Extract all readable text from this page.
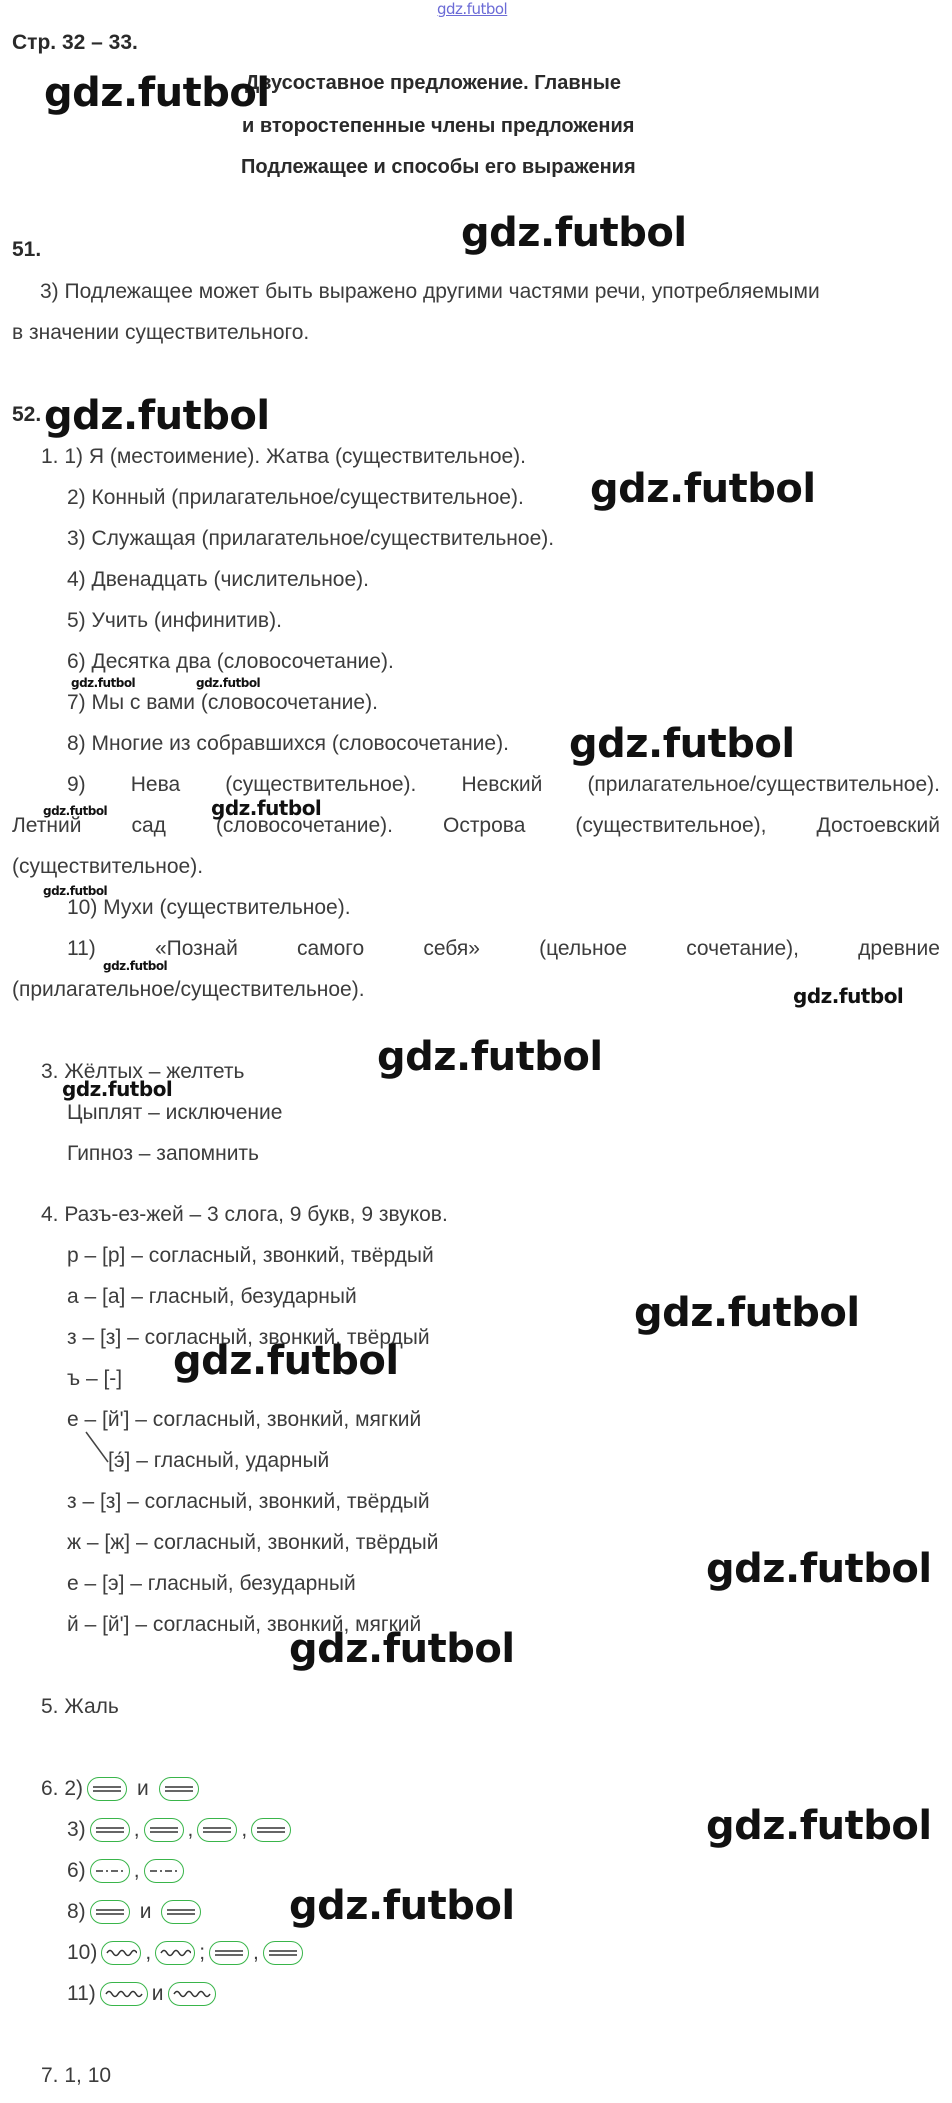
gdz.futbol
Стр. 32 – 33.
Двусоставное предложение. Главные
и второстепенные члены предложения
Подлежащее и способы его выражения
51.
3) Подлежащее может быть выражено другими частями речи, употребляемыми
в значении существительного.
52.
1. 1) Я (местоимение). Жатва (существительное).
2) Конный (прилагательное/существительное).
3) Служащая (прилагательное/существительное).
4) Двенадцать (числительное).
5) Учить (инфинитив).
6) Десятка два (словосочетание).
7) Мы с вами (словосочетание).
8) Многие из собравшихся (словосочетание).
9) Нева (существительное). Невский (прилагательное/существительное).
Летний сад (словосочетание). Острова (существительное), Достоевский
(существительное).
10) Мухи (существительное).
11)	«Познай	самого	себя»	(цельное	сочетание),	древние
(прилагательное/существительное).
3. Жёлтых – желтеть
Цыплят – исключение
Гипноз – запомнить
4. Разъ-ез-жей – 3 слога, 9 букв, 9 звуков.
р – [р] – согласный, звонкий, твёрдый
а – [а] – гласный, безударный
з – [з] – согласный, звонкий, твёрдый
ъ – [-]
е – [й'] – согласный, звонкий, мягкий
[э́] – гласный, ударный
з – [з] – согласный, звонкий, твёрдый
ж – [ж] – согласный, звонкий, твёрдый
е – [э] – гласный, безударный
й – [й'] – согласный, звонкий, мягкий
5. Жаль
6. 2)	и
3) ,
,
,
6) ,
8)	и
10) ,
;
,
11)	и
7. 1, 10
gdz.futbol
gdz.futbol
gdz.futbol
gdz.futbol
gdz.futbol
gdz.futbol
gdz.futbol
gdz.futbol
gdz.futbol
gdz.futbol
gdz.futbol
gdz.futbol
gdz.futbol
gdz.futbol
gdz.futbol
gdz.futbol	gdz.futbol
gdz.futbol
gdz.futbol
gdz.futbol
